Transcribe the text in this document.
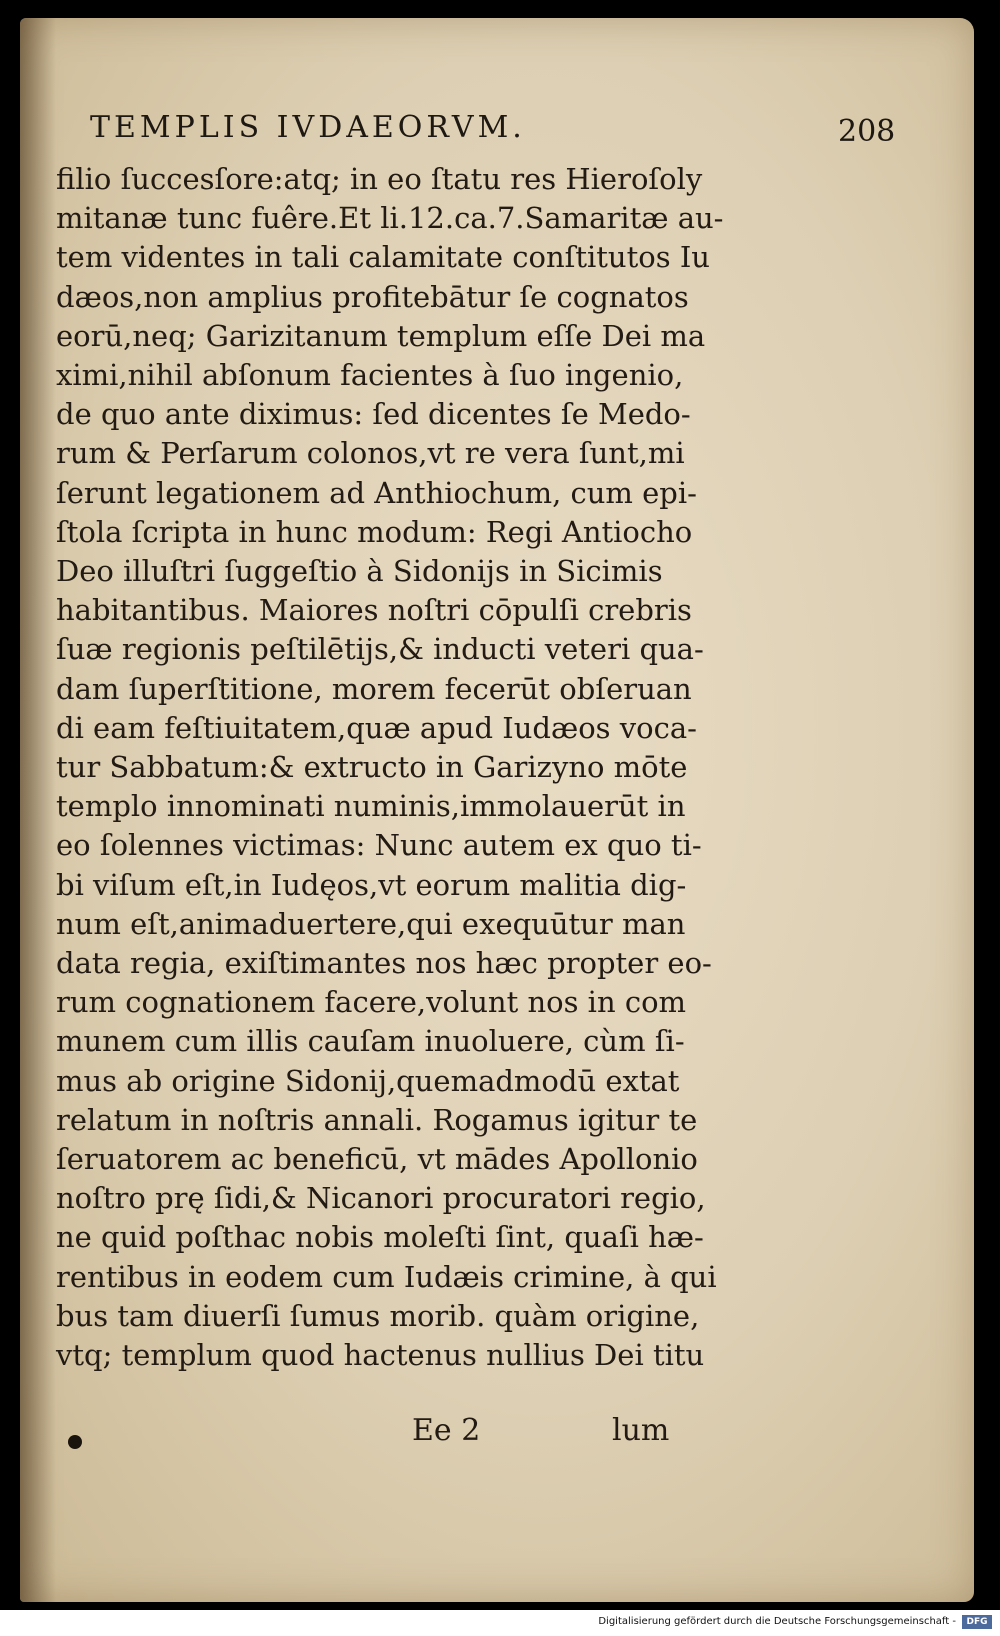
TEMPLIS IVDAEORVM.	208
filio ſuccesſore:atq; in eo ſtatu res Hieroſoly
mitanæ tunc fuêre.Et li.12.ca.7.Samaritæ au-
tem videntes in tali calamitate conſtitutos Iu
dæos,non amplius profitebātur ſe cognatos
eorū,neq; Garizitanum templum eſſe Dei ma
ximi,nihil abſonum facientes à ſuo ingenio,
de quo ante diximus: ſed dicentes ſe Medo-
rum & Perſarum colonos,vt re vera ſunt,mi
ſerunt legationem ad Anthiochum, cum epi-
ſtola ſcripta in hunc modum: Regi Antiocho
Deo illuſtri ſuggeſtio à Sidonijs in Sicimis
habitantibus. Maiores noſtri cōpulſi crebris
ſuæ regionis peſtilētijs,& inducti veteri qua-
dam ſuperſtitione, morem fecerūt obſeruan
di eam feſtiuitatem,quæ apud Iudæos voca-
tur Sabbatum:& extructo in Garizyno mōte
templo innominati numinis,immolauerūt in
eo ſolennes victimas: Nunc autem ex quo ti-
bi viſum eſt,in Iudęos,vt eorum malitia dig-
num eſt,animaduertere,qui exequūtur man
data regia, exiſtimantes nos hæc propter eo-
rum cognationem facere,volunt nos in com
munem cum illis cauſam inuoluere, cùm ſi-
mus ab origine Sidonij,quemadmodū extat
relatum in noſtris annali. Rogamus igitur te
ſeruatorem ac beneficū, vt mādes Apollonio
noſtro prę ſidi,& Nicanori procuratori regio,
ne quid poſthac nobis moleſti ſint, quaſi hæ-
rentibus in eodem cum Iudæis crimine, à qui
bus tam diuerſi ſumus morib. quàm origine,
vtq; templum quod hactenus nullius Dei titu
Ee 2	lum
Digitalisierung gefördert durch die Deutsche Forschungsgemeinschaft -	DFG
